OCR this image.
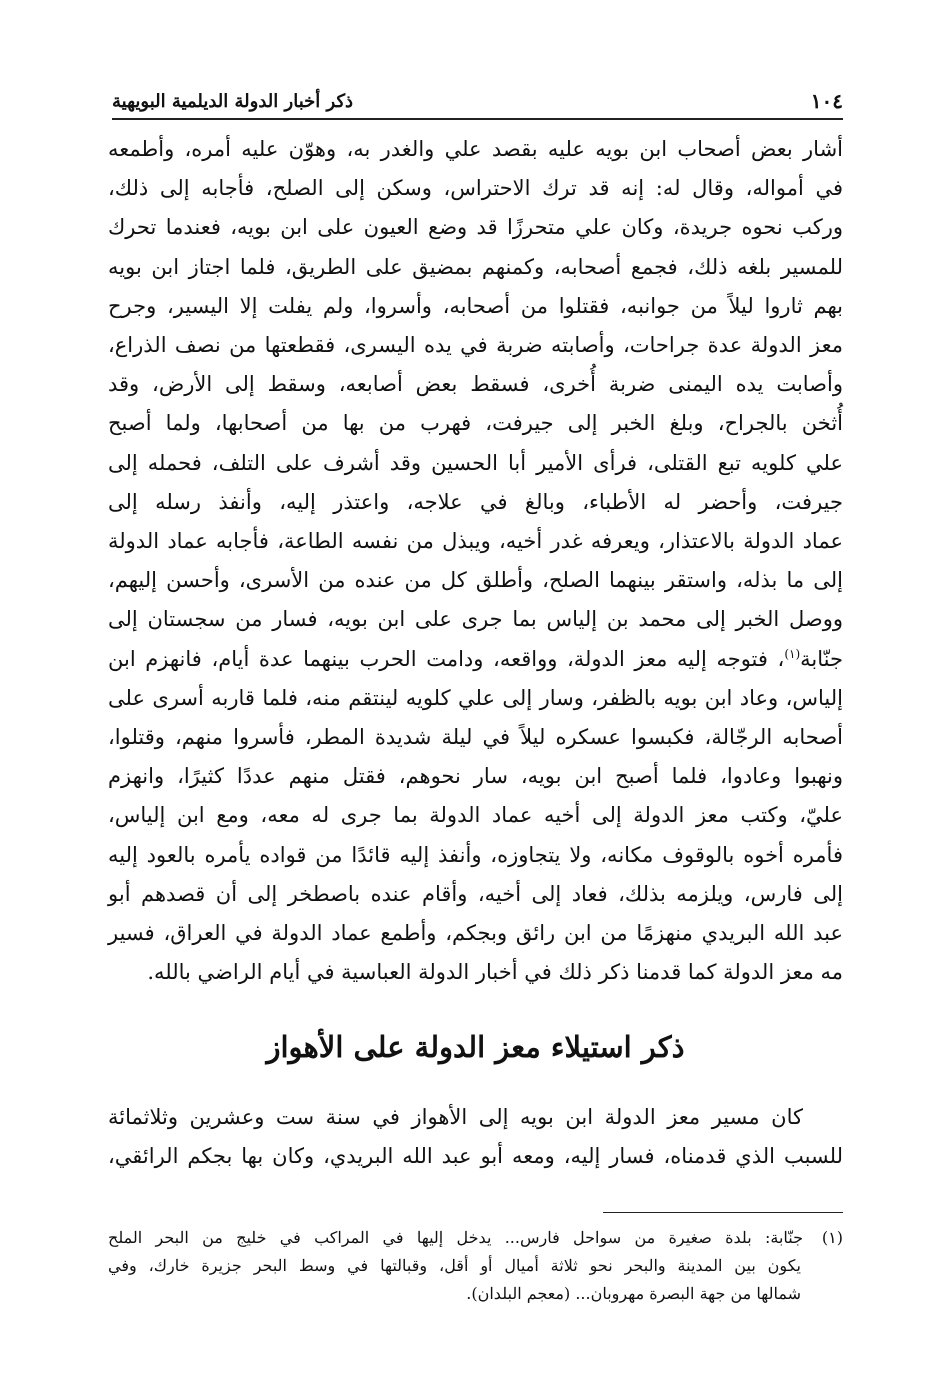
١٠٤
ذكر أخبار الدولة الديلمية البويهية
أشار بعض أصحاب ابن بويه عليه بقصد علي والغدر به، وهوّن عليه أمره، وأطمعه
في أمواله، وقال له: إنه قد ترك الاحتراس، وسكن إلى الصلح، فأجابه إلى ذلك،
وركب نحوه جريدة، وكان علي متحرزًا قد وضع العيون على ابن بويه، فعندما تحرك
للمسير بلغه ذلك، فجمع أصحابه، وكمنهم بمضيق على الطريق، فلما اجتاز ابن بويه
بهم ثاروا ليلاً من جوانبه، فقتلوا من أصحابه، وأسروا، ولم يفلت إلا اليسير، وجرح
معز الدولة عدة جراحات، وأصابته ضربة في يده اليسرى، فقطعتها من نصف الذراع،
وأصابت يده اليمنى ضربة أُخرى، فسقط بعض أصابعه، وسقط إلى الأرض، وقد
أُثخن بالجراح، وبلغ الخبر إلى جيرفت، فهرب من بها من أصحابها، ولما أصبح
علي كلويه تبع القتلى، فرأى الأمير أبا الحسين وقد أشرف على التلف، فحمله إلى
جيرفت، وأحضر له الأطباء، وبالغ في علاجه، واعتذر إليه، وأنفذ رسله إلى
عماد الدولة بالاعتذار، ويعرفه غدر أخيه، ويبذل من نفسه الطاعة، فأجابه عماد الدولة
إلى ما بذله، واستقر بينهما الصلح، وأطلق كل من عنده من الأسرى، وأحسن إليهم،
ووصل الخبر إلى محمد بن إلياس بما جرى على ابن بويه، فسار من سجستان إلى
جنّابة$^{(١)}$، فتوجه إليه معز الدولة، وواقعه، ودامت الحرب بينهما عدة أيام، فانهزم ابن
إلياس، وعاد ابن بويه بالظفر، وسار إلى علي كلويه لينتقم منه، فلما قاربه أسرى على
أصحابه الرجّالة، فكبسوا عسكره ليلاً في ليلة شديدة المطر، فأسروا منهم، وقتلوا،
ونهبوا وعادوا، فلما أصبح ابن بويه، سار نحوهم، فقتل منهم عددًا كثيرًا، وانهزم
عليّ، وكتب معز الدولة إلى أخيه عماد الدولة بما جرى له معه، ومع ابن إلياس،
فأمره أخوه بالوقوف مكانه، ولا يتجاوزه، وأنفذ إليه قائدًا من قواده يأمره بالعود إليه
إلى فارس، ويلزمه بذلك، فعاد إلى أخيه، وأقام عنده باصطخر إلى أن قصدهم أبو
عبد الله البريدي منهزمًا من ابن رائق وبجكم، وأطمع عماد الدولة في العراق، فسير
مه معز الدولة كما قدمنا ذكر ذلك في أخبار الدولة العباسية في أيام الراضي بالله.
ذكر استيلاء معز الدولة على الأهواز
كان مسير معز الدولة ابن بويه إلى الأهواز في سنة ست وعشرين وثلاثمائة
للسبب الذي قدمناه، فسار إليه، ومعه أبو عبد الله البريدي، وكان بها بجكم الرائقي،
(١)جنّابة: بلدة صغيرة من سواحل فارس... يدخل إليها في المراكب في خليج من البحر الملح
يكون بين المدينة والبحر نحو ثلاثة أميال أو أقل، وقبالتها في وسط البحر جزيرة خارك، وفي
شمالها من جهة البصرة مهروبان... (معجم البلدان).
